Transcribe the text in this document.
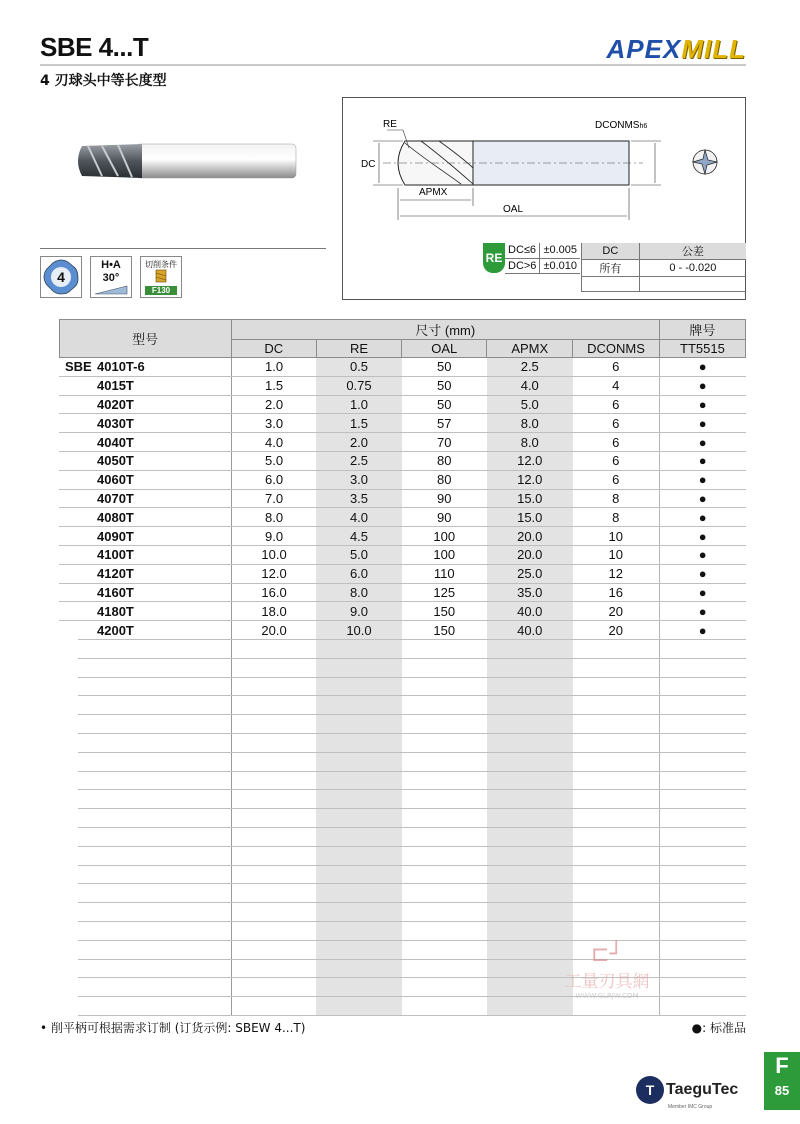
SBE 4...T	APEXMILL
4 刃球头中等长度型
4
H•A
30°
切削条件
F130
RE
DC
DCONMSh6
APMX
OAL
RE
DC≤6	±0.005
DC>6	±0.010
DC	公差
所有	0 - -0.020

型号	尺寸 (mm)					牌号
	DC	RE	OAL	APMX	DCONMS	TT5515
SBE 4010T-6	1.0	0.5	50	2.5	6	●
4015T	1.5	0.75	50	4.0	4	●
4020T	2.0	1.0	50	5.0	6	●
4030T	3.0	1.5	57	8.0	6	●
4040T	4.0	2.0	70	8.0	6	●
4050T	5.0	2.5	80	12.0	6	●
4060T	6.0	3.0	80	12.0	6	●
4070T	7.0	3.5	90	15.0	8	●
4080T	8.0	4.0	90	15.0	8	●
4090T	9.0	4.5	100	20.0	10	●
4100T	10.0	5.0	100	20.0	10	●
4120T	12.0	6.0	110	25.0	12	●
4160T	16.0	8.0	125	35.0	16	●
4180T	18.0	9.0	150	40.0	20	●
4200T	20.0	10.0	150	40.0	20	●

⊏┘
工量刃具網
WWW.GLRJW.COM
• 削平柄可根据需求订制 (订货示例: SBEW 4...T)	●: 标准品
T TaeguTec
Member IMC Group
F
85
